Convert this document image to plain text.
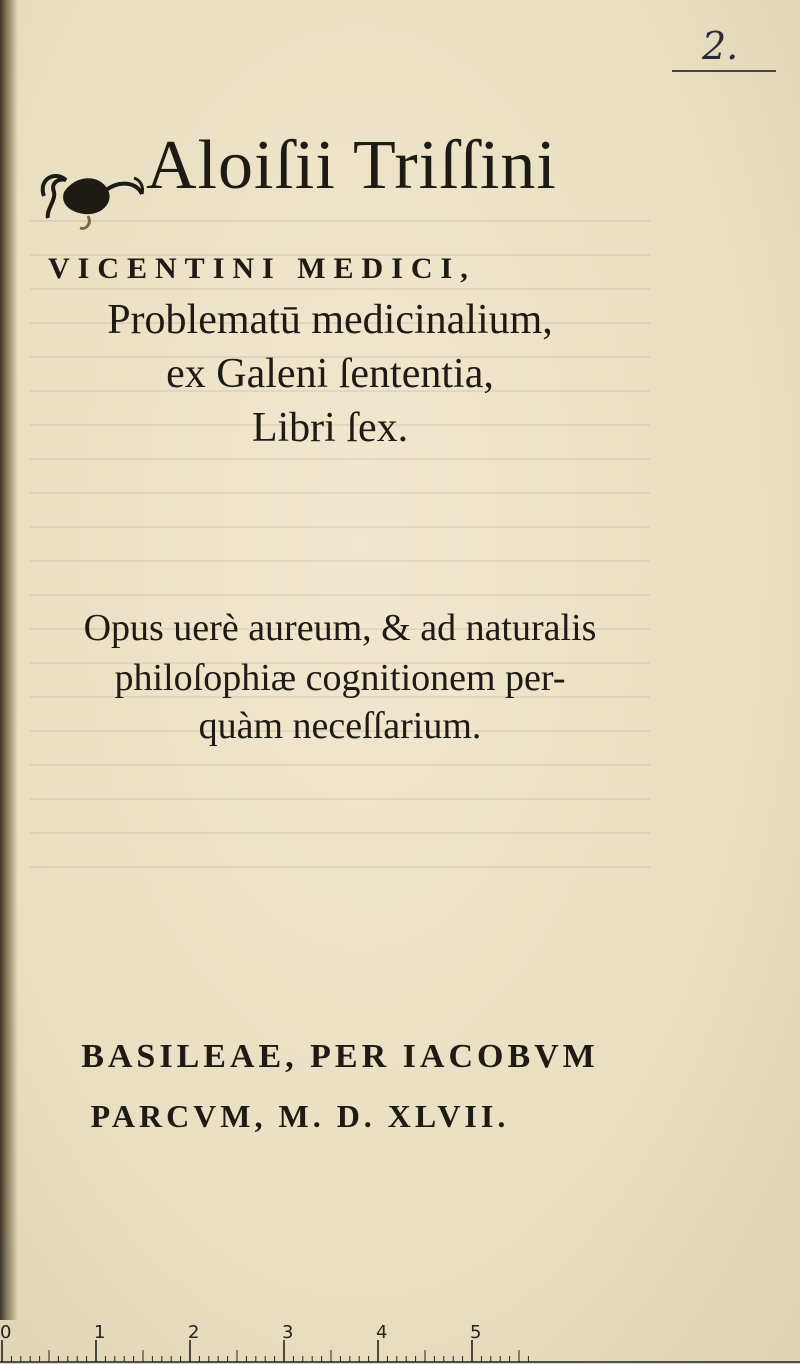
2.
Aloiſii Triſſini
VICENTINI MEDICI,
Problematū medicinalium,
ex Galeni ſententia,
Libri ſex.
Opus uerè aureum, & ad naturalis
philoſophiæ cognitionem per-
quàm neceſſarium.
BASILEAE, PER IACOBVM
PARCVM, M. D. XLVII.
0	1	2	3	4	5
